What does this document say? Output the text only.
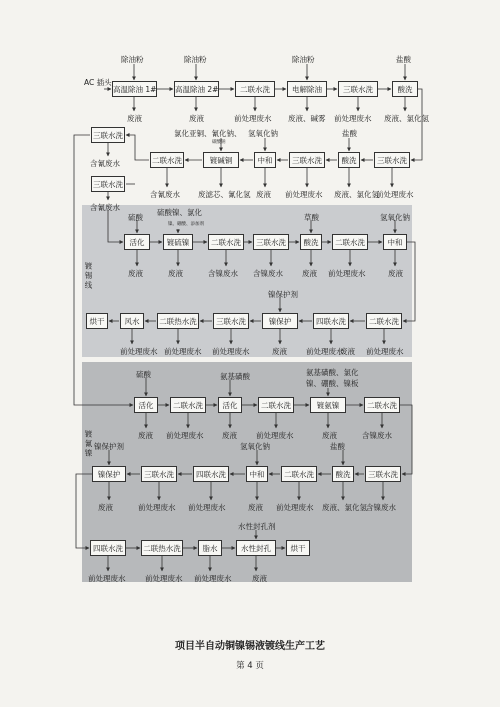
AC 插头
镀锡线
镀氰镍
高温除油 1# 高温除油 2#	二联水洗	电解除油	三联水洗	酸洗
除油粉	除油粉	除油粉	盐酸
废液	废液	前处理废水 废液、碱雾 前处理废水 废液、氯化氢
三联水洗
含氰废水
三联水洗
含氰废水
二联水洗	镀碱铜	中和	三联水洗	酸洗	三联水洗
氯化亚铜、氰化钠、
碳酸钠
氢氧化钠	盐酸
含氰废水 废滤芯、氰化氢 废液 前处理废水 废液、氯化氢
前处理废水
活化	镀硫镍	二联水洗	三联水洗	酸洗	二联水洗	中和
硫酸
硫酸镍、氯化
镍、硼酸、添加剂
草酸	氢氧化钠
废液	废液	含镍废水 含镍废水	废液 前处理废水	废液
镍保护剂
烘干	风水	二联热水洗	三联水洗	镍保护	四联水洗	二联水洗
前处理废水 前处理废水 前处理废水	废液	前处理废水
废液 前处理废水
硫酸	氨基磺酸	氨基磺酸、氯化
镍、硼酸、镍板
活化	二联水洗	活化	二联水洗	镀氨镍	二联水洗
废液 前处理废水 废液	前处理废水	废液	含镍废水
镍保护剂	氢氧化钠	盐酸
镍保护	三联水洗	四联水洗	中和	二联水洗	酸洗	三联水洗
废液	前处理废水 前处理废水	废液 前处理废水 废液、氯化氢 含镍废水
水性封孔剂
四联水洗	二联热水洗	脂水	水性封孔	烘干
前处理废水	前处理废水 前处理废水	废液
项目半自动铜镍锡液镀线生产工艺
第 4 页
